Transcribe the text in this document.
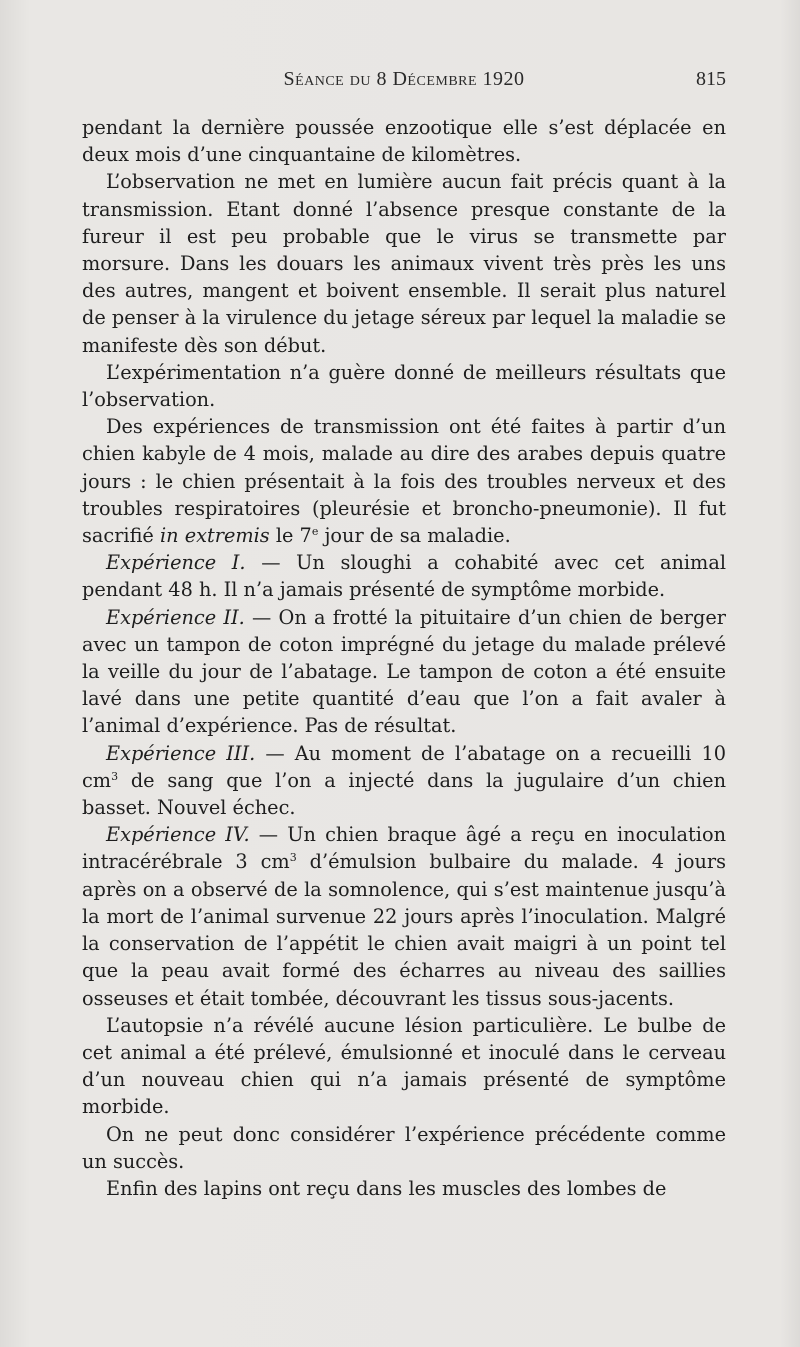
Séance du 8 Décembre 1920	815

pendant la dernière poussée enzootique elle s’est déplacée en deux mois d’une cinquantaine de kilomètres.

L’observation ne met en lumière aucun fait précis quant à la transmission. Etant donné l’absence presque constante de la fureur il est peu probable que le virus se transmette par morsure. Dans les douars les animaux vivent très près les uns des autres, mangent et boivent ensemble. Il serait plus naturel de penser à la virulence du jetage séreux par lequel la maladie se manifeste dès son début.

L’expérimentation n’a guère donné de meilleurs résultats que l’observation.

Des expériences de transmission ont été faites à partir d’un chien kabyle de 4 mois, malade au dire des arabes depuis quatre jours : le chien présentait à la fois des troubles nerveux et des troubles respiratoires (pleurésie et broncho-pneumonie). Il fut sacrifié in extremis le 7e jour de sa maladie.

Expérience I. — Un sloughi a cohabité avec cet animal pendant 48 h. Il n’a jamais présenté de symptôme morbide.

Expérience II. — On a frotté la pituitaire d’un chien de berger avec un tampon de coton imprégné du jetage du malade prélevé la veille du jour de l’abatage. Le tampon de coton a été ensuite lavé dans une petite quantité d’eau que l’on a fait avaler à l’animal d’expérience. Pas de résultat.

Expérience III. — Au moment de l’abatage on a recueilli 10 $cm^3$ de sang que l’on a injecté dans la jugulaire d’un chien basset. Nouvel échec.

Expérience IV. — Un chien braque âgé a reçu en inoculation intracérébrale 3 $cm^3$ d’émulsion bulbaire du malade. 4 jours après on a observé de la somnolence, qui s’est maintenue jusqu’à la mort de l’animal survenue 22 jours après l’inoculation. Malgré la conservation de l’appétit le chien avait maigri à un point tel que la peau avait formé des écharres au niveau des saillies osseuses et était tombée, découvrant les tissus sous-jacents.

L’autopsie n’a révélé aucune lésion particulière. Le bulbe de cet animal a été prélevé, émulsionné et inoculé dans le cerveau d’un nouveau chien qui n’a jamais présenté de symptôme morbide.

On ne peut donc considérer l’expérience précédente comme un succès.

Enfin des lapins ont reçu dans les muscles des lombes de
